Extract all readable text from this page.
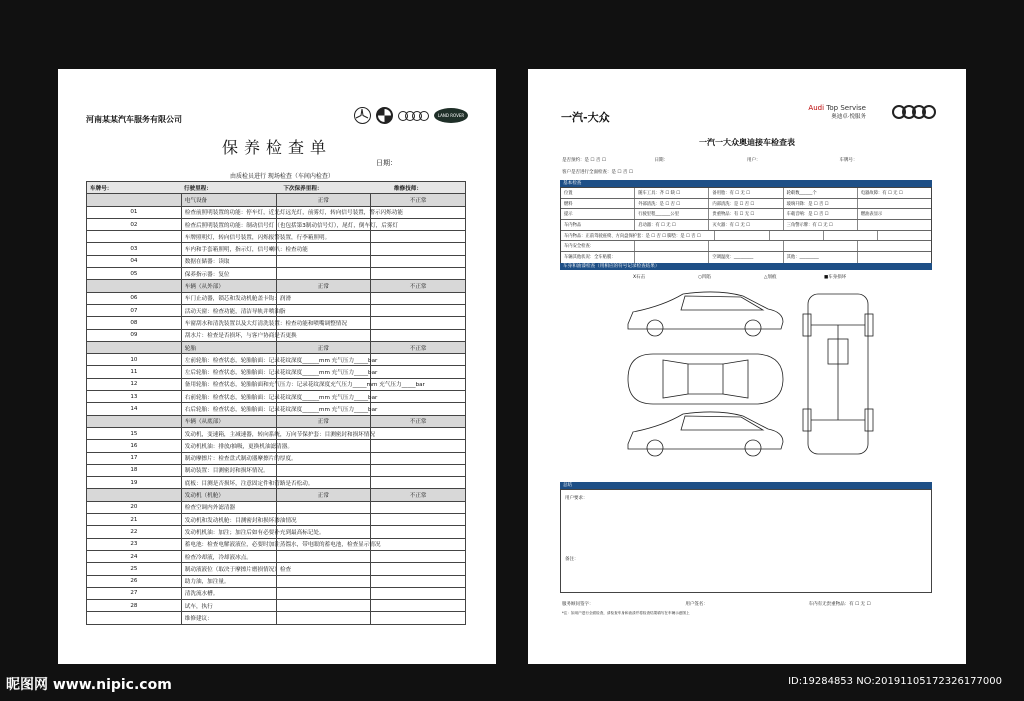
河南某某汽车服务有限公司	LAND ROVER
保养检查单
日期：
由质检员进行 现场检查（车间内检查）
车牌号： 行驶里程： 下次保养里程： 维修技师：			

	电气设备	正常	不正常
01	检查前照明装置的功能：停车灯，近光灯远光灯，前雾灯，转向信号装置，警示闪烁功能		
02	检查后照明装置的功能：制动信号灯（也包括第3制动信号灯），尾灯，倒车灯，后雾灯		
	车牌照明灯，转向信号装置，闪烁报警装置，行李箱照明。		
03	车内和手套箱照明，指示灯，信号喇叭：检查功能		
04	数据在储器：读取		
05	保养指示器：复位		
	车辆（从外部）	正常	不正常
06	车门止动器，锁芯和发动机舱盖卡钩：润滑		
07	活动天窗：检查功能，清洁导轨并喷油脂		
08	车窗刮水和清洗装置以及大灯清洗装置：检查功能和喷嘴调整情况		
09	刮水片：检查是否损坏，与客户协商是否更换		
	轮胎	正常	不正常
10	左前轮胎：检查状态，轮胎胎面：记录花纹深度______mm 充气压力_____bar		
11	左后轮胎：检查状态，轮胎胎面：记录花纹深度______mm 充气压力_____bar		
12	备用轮胎：检查状态，轮胎胎面和充气压力：记录花纹深度充气压力_____mm 充气压力_____bar		
13	右前轮胎：检查状态，轮胎胎面：记录花纹深度______mm 充气压力_____bar		
14	右后轮胎：检查状态，轮胎胎面：记录花纹深度______mm 充气压力_____bar		
	车辆（从底部）	正常	不正常
15	发动机，变速箱，主减速器，转向系统，万向节保护套：目测密封和损坏情况		
16	发动机机油：排放/抽吸，更换机油滤清器。		
17	制动摩擦片：检查盘式制动器摩擦片的厚度。		
18	制动装置：目测密封和损坏情况。		
19	底板：目测是否损坏，注意固定件和管路是否松动。		
	发动机（机舱）	正常	不正常
20	检查空调内外滤清器		
21	发动机和发动机舱：目测密封和损坏渗油情况		
22	发动机机油：加注；加注后如有必要补充到最高标记处。		
23	蓄电池：检查电解液液位，必要时加注蒸馏水，带电眼的蓄电池，检查显示情况		
24	检查冷却液，冷却液冰点。		
25	制动液液位（取决于摩擦片磨损情况）检查		
26	助力油，加注量。		
27	清洗流水槽。		
28	试车，执行		
	维修建议：		
一汽-大众
Audi Top Servise
奥迪卓·悦服务
一汽一大众奥迪接车检查表
是否预约：是 ☐ 否 ☐	日期：	用户：	车牌号：
客户是否进行全面检查：是 ☐ 否 ☐
基本检查
位置	随车工具：齐 ☐ 缺 ☐	备用胎：有 ☐ 无 ☐	轮毂数______个	电器故障：有 ☐ 无 ☐
燃料	外部清洗：是 ☐ 否 ☐	内部清洗：是 ☐ 否 ☐	玻璃升降：是 ☐ 否 ☐
提示	行驶里程_______公里	贵重物品：有 ☐ 无 ☐	车载音响：是 ☐ 否 ☐	燃油表显示
车内物品	启动器：有 ☐ 无 ☐	灭火器：有 ☐ 无 ☐	三角警示牌：有 ☐ 无 ☐
车内物品：正前驾驶座椅、方向盘保护套：是 ☐ 否 ☐ 脚垫：是 ☐ 否 ☐
车内安全检查：
车辆其他状况：全车贴膜：	空调温度：_________	其他：_________
车身和油漆检查（用相应的符号记录检查结果）
X石击	○凹陷	△划痕	■车身损坏
总结
用户要求：
备注：
服务顾问签字：	用户签名：	车内有无贵重物品：有 ☐ 无 ☐
*注：如用户进行全面检查，请检查车身和油漆并将检查结果填写在车辆示意图上
昵图网 www.nipic.com	ID:19284853 NO:20191105172326177000
